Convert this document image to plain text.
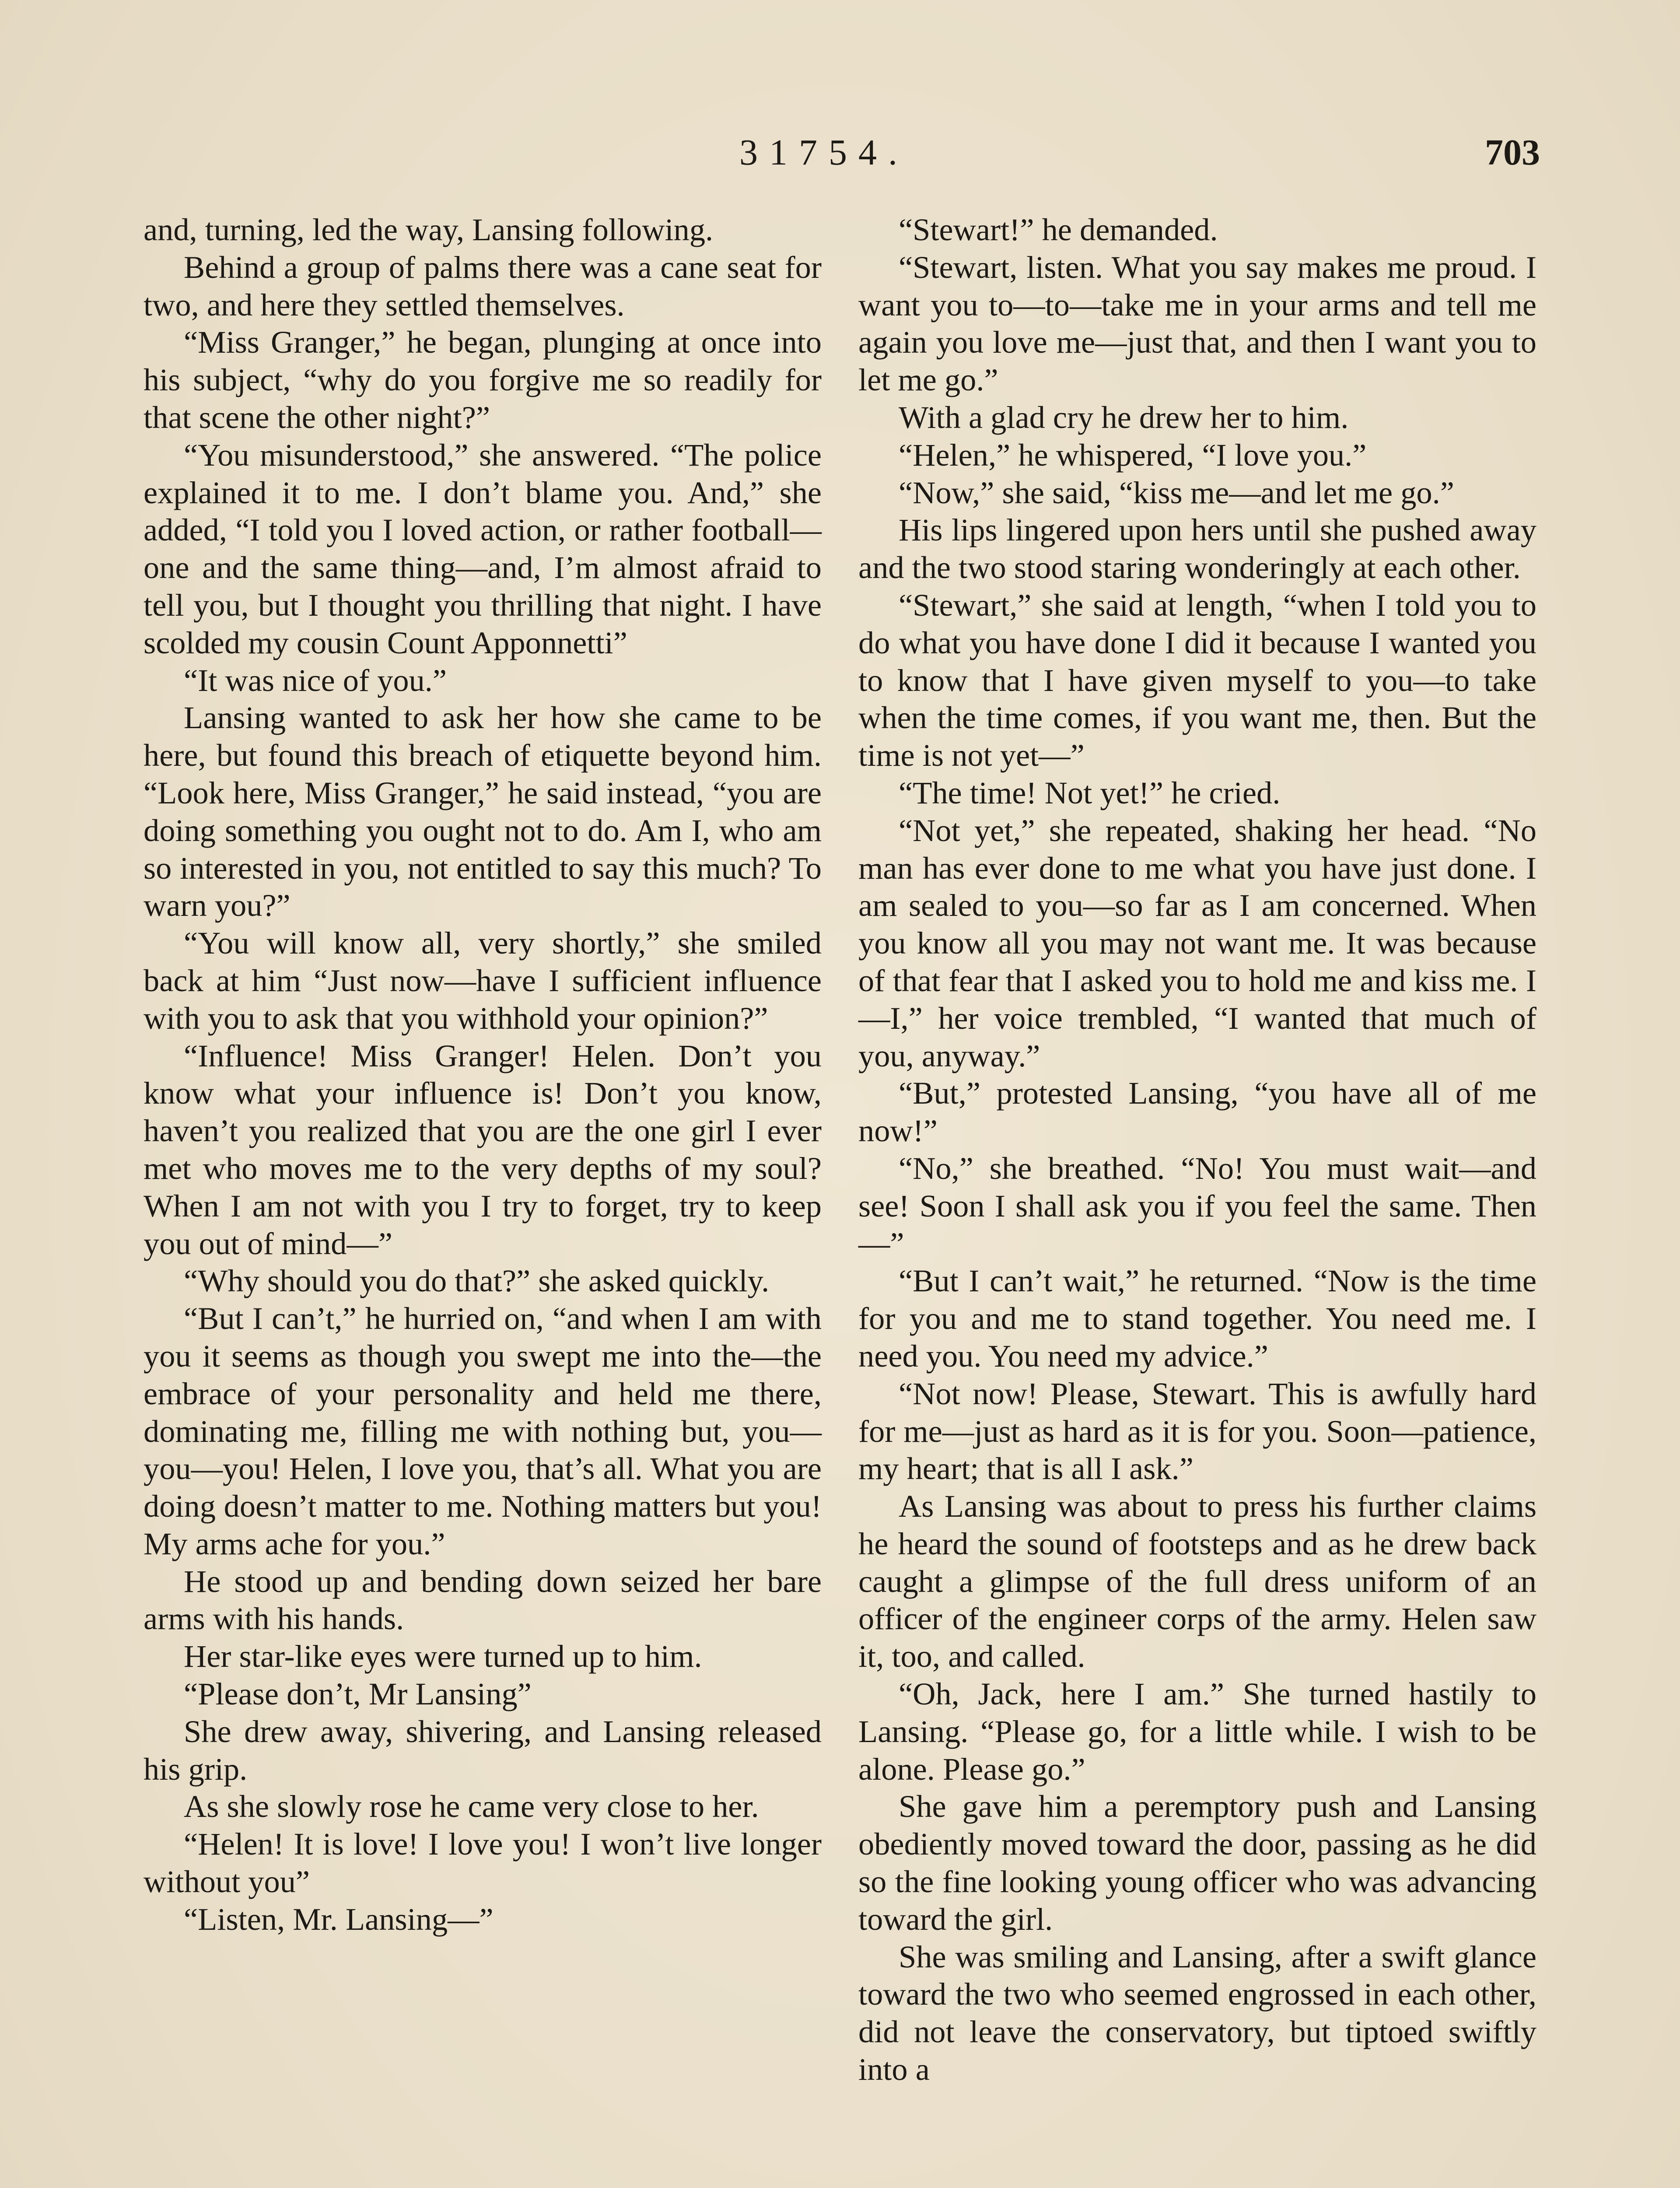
31754.	703

and, turning, led the way, Lansing following.

Behind a group of palms there was a cane seat for two, and here they settled themselves.

“Miss Granger,” he began, plunging at once into his subject, “why do you forgive me so readily for that scene the other night?”

“You misunderstood,” she answered. “The police explained it to me. I don’t blame you. And,” she added, “I told you I loved action, or rather football—one and the same thing—and, I’m almost afraid to tell you, but I thought you thrilling that night. I have scolded my cousin Count Apponnetti”

“It was nice of you.”

Lansing wanted to ask her how she came to be here, but found this breach of etiquette beyond him. “Look here, Miss Granger,” he said instead, “you are doing something you ought not to do. Am I, who am so interested in you, not entitled to say this much? To warn you?”

“You will know all, very shortly,” she smiled back at him “Just now—have I sufficient influence with you to ask that you withhold your opinion?”

“Influence! Miss Granger! Helen. Don’t you know what your influence is! Don’t you know, haven’t you realized that you are the one girl I ever met who moves me to the very depths of my soul? When I am not with you I try to forget, try to keep you out of mind—”

“Why should you do that?” she asked quickly.

“But I can’t,” he hurried on, “and when I am with you it seems as though you swept me into the—the embrace of your personality and held me there, dominating me, filling me with nothing but, you—you—you! Helen, I love you, that’s all. What you are doing doesn’t matter to me. Nothing matters but you! My arms ache for you.”

He stood up and bending down seized her bare arms with his hands.

Her star-like eyes were turned up to him.

“Please don’t, Mr Lansing”

She drew away, shivering, and Lansing released his grip.

As she slowly rose he came very close to her.

“Helen! It is love! I love you! I won’t live longer without you”

“Listen, Mr. Lansing—”

“Stewart!” he demanded.

“Stewart, listen. What you say makes me proud. I want you to—to—take me in your arms and tell me again you love me—just that, and then I want you to let me go.”

With a glad cry he drew her to him.

“Helen,” he whispered, “I love you.”

“Now,” she said, “kiss me—and let me go.”

His lips lingered upon hers until she pushed away and the two stood staring wonderingly at each other.

“Stewart,” she said at length, “when I told you to do what you have done I did it because I wanted you to know that I have given myself to you—to take when the time comes, if you want me, then. But the time is not yet—”

“The time! Not yet!” he cried.

“Not yet,” she repeated, shaking her head. “No man has ever done to me what you have just done. I am sealed to you—so far as I am concerned. When you know all you may not want me. It was because of that fear that I asked you to hold me and kiss me. I—I,” her voice trembled, “I wanted that much of you, anyway.”

“But,” protested Lansing, “you have all of me now!”

“No,” she breathed. “No! You must wait—and see! Soon I shall ask you if you feel the same. Then—”

“But I can’t wait,” he returned. “Now is the time for you and me to stand together. You need me. I need you. You need my advice.”

“Not now! Please, Stewart. This is awfully hard for me—just as hard as it is for you. Soon—patience, my heart; that is all I ask.”

As Lansing was about to press his further claims he heard the sound of footsteps and as he drew back caught a glimpse of the full dress uniform of an officer of the engineer corps of the army. Helen saw it, too, and called.

“Oh, Jack, here I am.” She turned hastily to Lansing. “Please go, for a little while. I wish to be alone. Please go.”

She gave him a peremptory push and Lansing obediently moved toward the door, passing as he did so the fine looking young officer who was advancing toward the girl.

She was smiling and Lansing, after a swift glance toward the two who seemed engrossed in each other, did not leave the conservatory, but tiptoed swiftly into a
